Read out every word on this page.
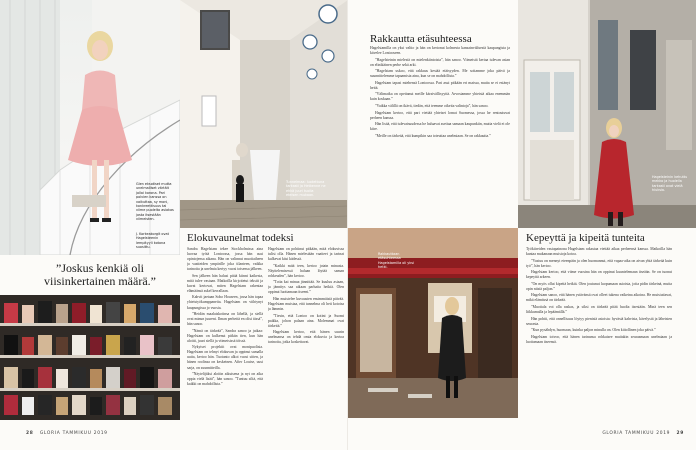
Glen eksotiset mutta unelmalliset värtäit jollai korona. Pari polvien kanssa on vaikuttaa, sy moni, konkreettisuus tai viime puolelta asiakas josta itsestään viimeisten.
J. Korkeakorgit ovat Hagelsteenin lempityyli kotona suosittu.
Tunnelmaa: luotettuna tarkasti ja Hetkenne ne ehkä juuri tuolla eteisen mukaan.
Elokuvaunelmat todeksi
”Joskus kenkiä oli viisinkertainen määrä.”

Sandra Hagelstam tekee Stockholmissa aina luovaa työtä Lontoossa, jossa hän asui opintojensa aikana. Hän on valinnut muotiaiheen ja vaatteiden ympärille joka tilanteen, vaikka tarinoita ja unelmia kertyy vuosi toisensa jälkeen.

Sen jälkeen hän halusi pitää kiinni kaikesta, mitä tulee vastaan. Matkoilla kirjoitetut tekstit ja kuvat kertovat, miten Hagelstam rakentaa elämäänsä askel kerrallaan.

Kahvit jaetaan Soho Houseen, jossa hän tapaa yhteistyökumppaneita. Hagelstam on viihtynyt kaupungissa jo vuosia.

”Heidän maalaiskotinsa on lähellä, ja siellä ovat minun juureni. Ilman perhettä en olisi tässä”, hän sanoo.

”Nämä on tärkeää”, Sandra sanoo ja jatkaa: Hagelstam on kulkenut pitkän tien, kun hän aloitti, juuri siellä ja viimeisissä töissä.

Nykyiset projektit ovat monipuolisia. Hagelstam on tehnyt elokuvan ja oppinut samalla uutta, kertoo hän. Tuotanto alkoi vuosi sitten, ja hänen roolinsa on keskeinen. After Louise, uusi sarja, on suunnitteilla.

”Näytelijäksi aloitin aikuisena ja nyt on aika oppia vielä lisää”, hän sanoo. ”Tuntuu siltä, että kaikki on mahdollista.”

Hagelstam on pohtinut pitkään, mitä elokuvissa tulisi olla. Hänen mielestään vaatteet ja tarinat kulkevat käsi kädessä.

”Kaikki mitä teen, kertoo jotain minusta. Näyttelemisessä haluan löytää saman rohkeuden”, hän kertoo.

”Totta kai minua jännittää. Se kuuluu asiaan, ja jännitys saa aikaan parhaita hetkiä. Olen oppinut luottamaan itseeni.”

Hän muistelee kuvausten ensimmäistä päivää. Hagelstam muistaa, että tunnelma oli heti kotoisa ja lämmin.

”Tiesin, että Lontoo on kotini ja Suomi paikka, johon palaan aina. Molemmat ovat tärkeitä.”

Hagelstam kertoo, että hänen suurin unelmansa on tehdä omia elokuvia ja kertoa tarinoita, jotka koskettavat.

28 GLORIA TAMMIKUU 2019
Rakkautta etäsuhteessa

Hagelstamilla on yksi valtio ja hän on kertonut kolmesta kansainvälisestä kaupungista ja kävelee Lontooseen.

”Hagelsteinin mielestä on mielenkiintoista”, hän sanoo. Viimeistä kertaa tulevan asian on elinikäinen perhe sekä arki.

”Hagelstam uskoo, että rakkaus kestää etäisyyden. Me soitamme joka päivä ja suunnittelemme tapaamisia aina, kun se on mahdollista.”

Hagelstam tapasi miehensä Lontoossa. Pari asui pitkään eri maissa, mutta se ei estänyt heitä.

”Välimatka on opettanut meille kärsivällisyyttä. Arvostamme yhteistä aikaa enemmän kuin koskaan.”

”Vaikka välillä on ikävä, tiedän, että teemme oikeita valintoja”, hän sanoo.

Hagelstam kertoo, että pari viettää yhteiset lomat Suomessa, jossa he rentoutuvat perheen kanssa.

Hän lisää, että tulevaisuudessa he haluavat asettua samaan kaupunkiin, mutta vielä ei ole kiire.

”Meille on tärkeää, että kumpikin saa toteuttaa unelmiaan. Se on rakkautta.”

Hagelsteinin kehuttu mekko ja huolella tarkasti ovat vielä hiuksia.
Rakkauttaan etäsuhteessa Hagelstamilla oli yksi hetki.
Kepeyttä ja kipeitä tunteita

Työkiireiden vastapainona Hagelstam rakastaa viettää aikaa perheensä kanssa. Matkoilla hän kantaa mukanaan muistoja kotoa.

”Vastuu on mennyt eteenpäin ja olen huomannut, että vapaa-aika on aivan yhtä tärkeää kuin työ”, hän kertoo.

Hagelstam kertoo, että viime vuosina hän on oppinut kuuntelemaan itseään. Se on tuonut kepeyttä arkeen.

”On myös ollut kipeitä hetkiä. Olen joutunut luopumaan asioista, joita pidin tärkeinä, mutta opin niistä paljon.”

Hagelstam sanoo, että hänen ystävänsä ovat olleet tukena vaikeina aikoina. He muistuttavat, mikä elämässä on tärkeää.

”Muotiala voi olla raskas, ja siksi on tärkeää pitää huolta itsestään. Minä teen sen liikkumalla ja lepäämällä.”

Hän pohtii, että onnellisuus löytyy pienistä asioista: hyvästä kahvista, kävelystä ja läheisten seurasta.

”Kun pysähdyn, huomaan, kuinka paljon minulla on. Olen kiitollinen joka päivä.”

Hagelstam toivoo, että hänen tarinansa rohkaisee muitakin seuraamaan unelmiaan ja luottamaan itseensä.

GLORIA TAMMIKUU 2019 29
